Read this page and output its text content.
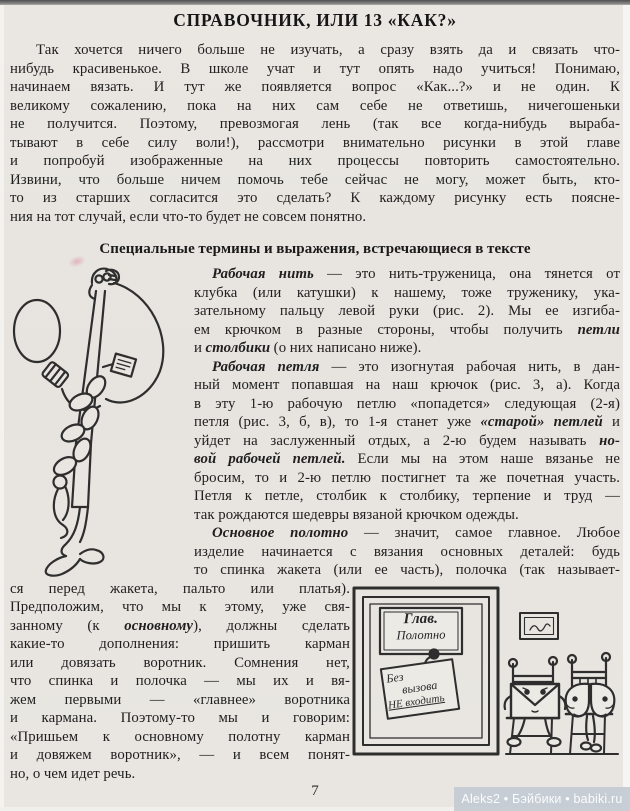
СПРАВОЧНИК, ИЛИ 13 «КАК?»
Так хочется ничего больше не изучать, а сразу взять да и связать что-
нибудь красивенькое. В школе учат и тут опять надо учиться! Понимаю,
начинаем вязать. И тут же появляется вопрос «Как...?» и не один. К
великому сожалению, пока на них сам себе не ответишь, ничегошеньки
не получится. Поэтому, превозмогая лень (так все когда-нибудь выраба-
тывают в себе силу воли!), рассмотри внимательно рисунки в этой главе
и попробуй изображенные на них процессы повторить самостоятельно.
Извини, что больше ничем помочь тебе сейчас не могу, может быть, кто-
то из старших согласится это сделать? К каждому рисунку есть поясне-
ния на тот случай, если что-то будет не совсем понятно.
Специальные термины и выражения, встречающиеся в тексте
Рабочая нить — это нить-труженица, она тянется от
клубка (или катушки) к нашему, тоже труженику, ука-
зательному пальцу левой руки (рис. 2). Мы ее изгиба-
ем крючком в разные стороны, чтобы получить петли
и столбики (о них написано ниже).
Рабочая петля — это изогнутая рабочая нить, в дан-
ный момент попавшая на наш крючок (рис. 3, а). Когда
в эту 1-ю рабочую петлю «попадется» следующая (2-я)
петля (рис. 3, б, в), то 1-я станет уже «старой» петлей и
уйдет на заслуженный отдых, а 2-ю будем называть но-
вой рабочей петлей. Если мы на этом наше вязанье не
бросим, то и 2-ю петлю постигнет та же почетная участь.
Петля к петле, столбик к столбику, терпение и труд —
так рождаются шедевры вязаной крючком одежды.
Основное полотно — значит, самое главное. Любое
изделие начинается с вязания основных деталей: будь
то спинка жакета (или ее часть), полочка (так называет-
ся перед жакета, пальто или платья).
Предположим, что мы к этому, уже свя-
занному (к основному), должны сделать
какие-то дополнения: пришить карман
или довязать воротник. Сомнения нет,
что спинка и полочка — мы их и вя-
жем первыми — «главнее» воротника
и кармана. Поэтому-то мы и говорим:
«Пришьем к основному полотну карман
и довяжем воротник», — и всем понят-
но, о чем идет речь.
Глав.
Полотно
Без
вызова
НЕ входить
7	Aleks2 • Бэйбики • babiki.ru
